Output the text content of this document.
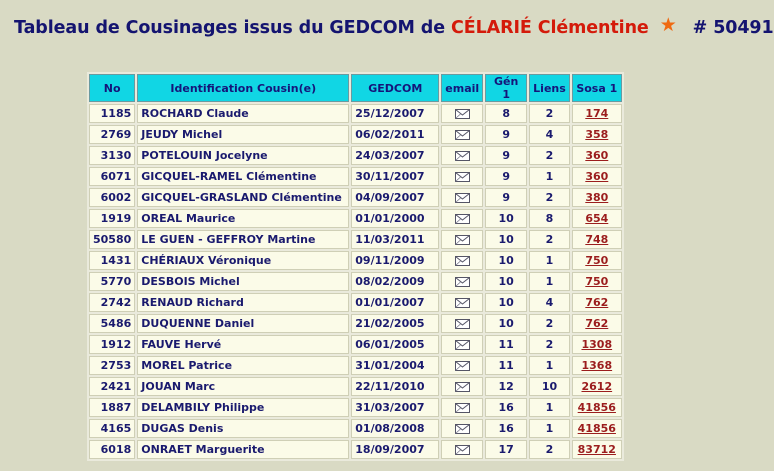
Tableau de Cousinages issus du GEDCOM de CÉLARIÉ Clémentine ★ # 50491
No	Identification Cousin(e)	GEDCOM	email	Gén 1	Liens	Sosa 1
1185	ROCHARD Claude	25/12/2007		8	2	174
2769	JEUDY Michel	06/02/2011		9	4	358
3130	POTELOUIN Jocelyne	24/03/2007		9	2	360
6071	GICQUEL-RAMEL Clémentine	30/11/2007		9	1	360
6002	GICQUEL-GRASLAND Clémentine	04/09/2007		9	2	380
1919	OREAL Maurice	01/01/2000		10	8	654
50580	LE GUEN - GEFFROY Martine	11/03/2011		10	2	748
1431	CHÉRIAUX Véronique	09/11/2009		10	1	750
5770	DESBOIS Michel	08/02/2009		10	1	750
2742	RENAUD Richard	01/01/2007		10	4	762
5486	DUQUENNE Daniel	21/02/2005		10	2	762
1912	FAUVE Hervé	06/01/2005		11	2	1308
2753	MOREL Patrice	31/01/2004		11	1	1368
2421	JOUAN Marc	22/11/2010		12	10	2612
1887	DELAMBILY Philippe	31/03/2007		16	1	41856
4165	DUGAS Denis	01/08/2008		16	1	41856
6018	ONRAET Marguerite	18/09/2007		17	2	83712
